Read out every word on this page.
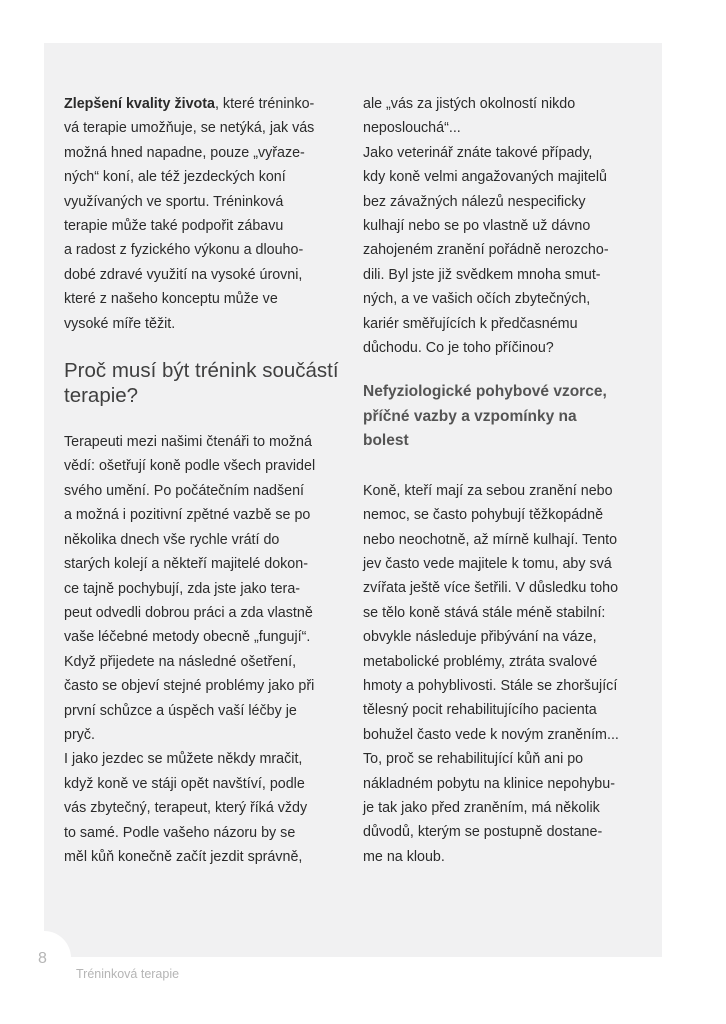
Zlepšení kvality života, které tréninko-
vá terapie umožňuje, se netýká, jak vás
možná hned napadne, pouze „vyřaze-
ných“ koní, ale též jezdeckých koní
využívaných ve sportu. Tréninková
terapie může také podpořit zábavu
a radost z fyzického výkonu a dlouho-
dobé zdravé využití na vysoké úrovni,
které z našeho konceptu může ve
vysoké míře těžit.
Proč musí být trénink součástí
terapie?
Terapeuti mezi našimi čtenáři to možná
vědí: ošetřují koně podle všech pravidel
svého umění. Po počátečním nadšení
a možná i pozitivní zpětné vazbě se po
několika dnech vše rychle vrátí do
starých kolejí a někteří majitelé dokon-
ce tajně pochybují, zda jste jako tera-
peut odvedli dobrou práci a zda vlastně
vaše léčebné metody obecně „fungují“.
Když přijedete na následné ošetření,
často se objeví stejné problémy jako při
první schůzce a úspěch vaší léčby je
pryč.
I jako jezdec se můžete někdy mračit,
když koně ve stáji opět navštíví, podle
vás zbytečný, terapeut, který říká vždy
to samé. Podle vašeho názoru by se
měl kůň konečně začít jezdit správně,
ale „vás za jistých okolností nikdo
neposlouchá“...
Jako veterinář znáte takové případy,
kdy koně velmi angažovaných majitelů
bez závažných nálezů nespecificky
kulhají nebo se po vlastně už dávno
zahojeném zranění pořádně nerozcho-
dili. Byl jste již svědkem mnoha smut-
ných, a ve vašich očích zbytečných,
kariér směřujících k předčasnému
důchodu. Co je toho příčinou?
Nefyziologické pohybové vzorce,
příčné vazby a vzpomínky na
bolest
Koně, kteří mají za sebou zranění nebo
nemoc, se často pohybují těžkopádně
nebo neochotně, až mírně kulhají. Tento
jev často vede majitele k tomu, aby svá
zvířata ještě více šetřili. V důsledku toho
se tělo koně stává stále méně stabilní:
obvykle následuje přibývání na váze,
metabolické problémy, ztráta svalové
hmoty a pohyblivosti. Stále se zhoršující
tělesný pocit rehabilitujícího pacienta
bohužel často vede k novým zraněním...
To, proč se rehabilitující kůň ani po
nákladném pobytu na klinice nepohybu-
je tak jako před zraněním, má několik
důvodů, kterým se postupně dostane-
me na kloub.
8
Tréninková terapie
